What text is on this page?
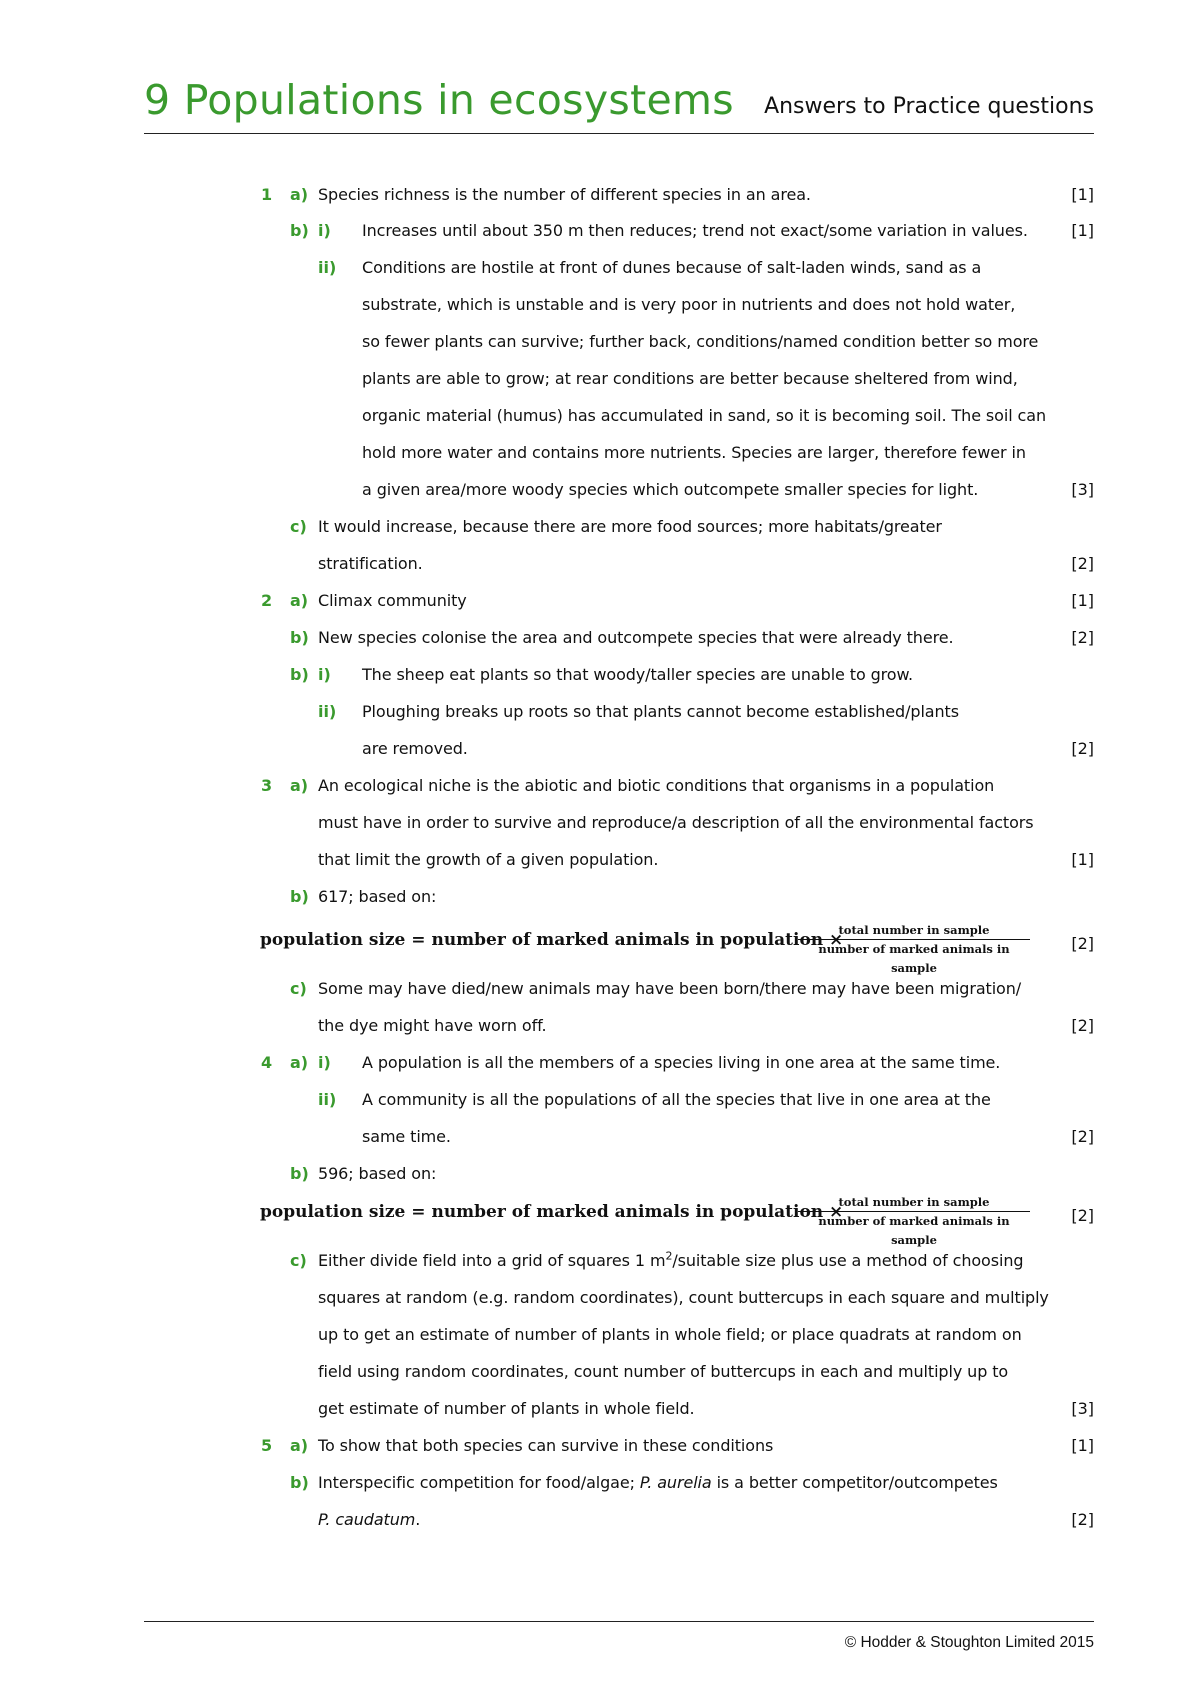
9 Populations in ecosystems Answers to Practice questions
1 a) Species richness is the number of different species in an area.	[1]
b) i) Increases until about 350 m then reduces; trend not exact/some variation in values.	[1]
ii) Conditions are hostile at front of dunes because of salt-laden winds, sand as a
substrate, which is unstable and is very poor in nutrients and does not hold water,
so fewer plants can survive; further back, conditions/named condition better so more
plants are able to grow; at rear conditions are better because sheltered from wind,
organic material (humus) has accumulated in sand, so it is becoming soil. The soil can
hold more water and contains more nutrients. Species are larger, therefore fewer in
a given area/more woody species which outcompete smaller species for light.	[3]
c) It would increase, because there are more food sources; more habitats/greater
stratification.	[2]
2 a) Climax community	[1]
b) New species colonise the area and outcompete species that were already there.	[2]
b) i) The sheep eat plants so that woody/taller species are unable to grow.
ii) Ploughing breaks up roots so that plants cannot become established/plants
are removed.	[2]
3 a) An ecological niche is the abiotic and biotic conditions that organisms in a population
must have in order to survive and reproduce/a description of all the environmental factors
that limit the growth of a given population.	[1]
b) 617; based on:
population size = number of marked animals in population ×
total number in sample
number of marked animals in sample
[2]
c) Some may have died/new animals may have been born/there may have been migration/
the dye might have worn off.	[2]
4 a) i) A population is all the members of a species living in one area at the same time.
ii) A community is all the populations of all the species that live in one area at the
same time.	[2]
b) 596; based on:
population size = number of marked animals in population ×
total number in sample
number of marked animals in sample
[2]
c) Either divide field into a grid of squares 1 $m^2$/suitable size plus use a method of choosing
squares at random (e.g. random coordinates), count buttercups in each square and multiply
up to get an estimate of number of plants in whole field; or place quadrats at random on
field using random coordinates, count number of buttercups in each and multiply up to
get estimate of number of plants in whole field.	[3]
5 a) To show that both species can survive in these conditions	[1]
b) Interspecific competition for food/algae; P. aurelia is a better competitor/outcompetes
P. caudatum.	[2]
© Hodder & Stoughton Limited 2015
